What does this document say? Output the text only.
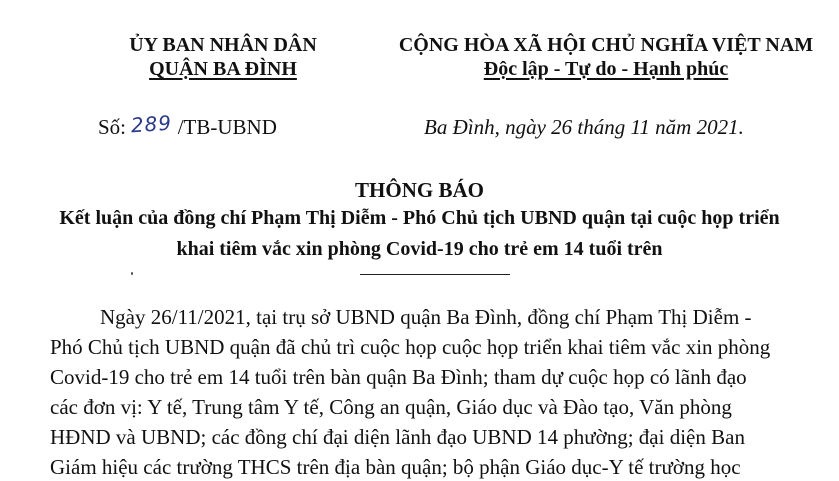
ỦY BAN NHÂN DÂN
QUẬN BA ĐÌNH
CỘNG HÒA XÃ HỘI CHỦ NGHĨA VIỆT NAM
Độc lập - Tự do - Hạnh phúc
Số: 289 /TB-UBND	Ba Đình, ngày 26 tháng 11 năm 2021.
THÔNG BÁO
Kết luận của đồng chí Phạm Thị Diễm - Phó Chủ tịch UBND quận tại cuộc họp triển
khai tiêm vắc xin phòng Covid-19 cho trẻ em 14 tuổi trên
Ngày 26/11/2021, tại trụ sở UBND quận Ba Đình, đồng chí Phạm Thị Diễm -
Phó Chủ tịch UBND quận đã chủ trì cuộc họp cuộc họp triển khai tiêm vắc xin phòng
Covid-19 cho trẻ em 14 tuổi trên bàn quận Ba Đình; tham dự cuộc họp có lãnh đạo
các đơn vị: Y tế, Trung tâm Y tế, Công an quận, Giáo dục và Đào tạo, Văn phòng
HĐND và UBND; các đồng chí đại diện lãnh đạo UBND 14 phường; đại diện Ban
Giám hiệu các trường THCS trên địa bàn quận; bộ phận Giáo dục-Y tế trường học
